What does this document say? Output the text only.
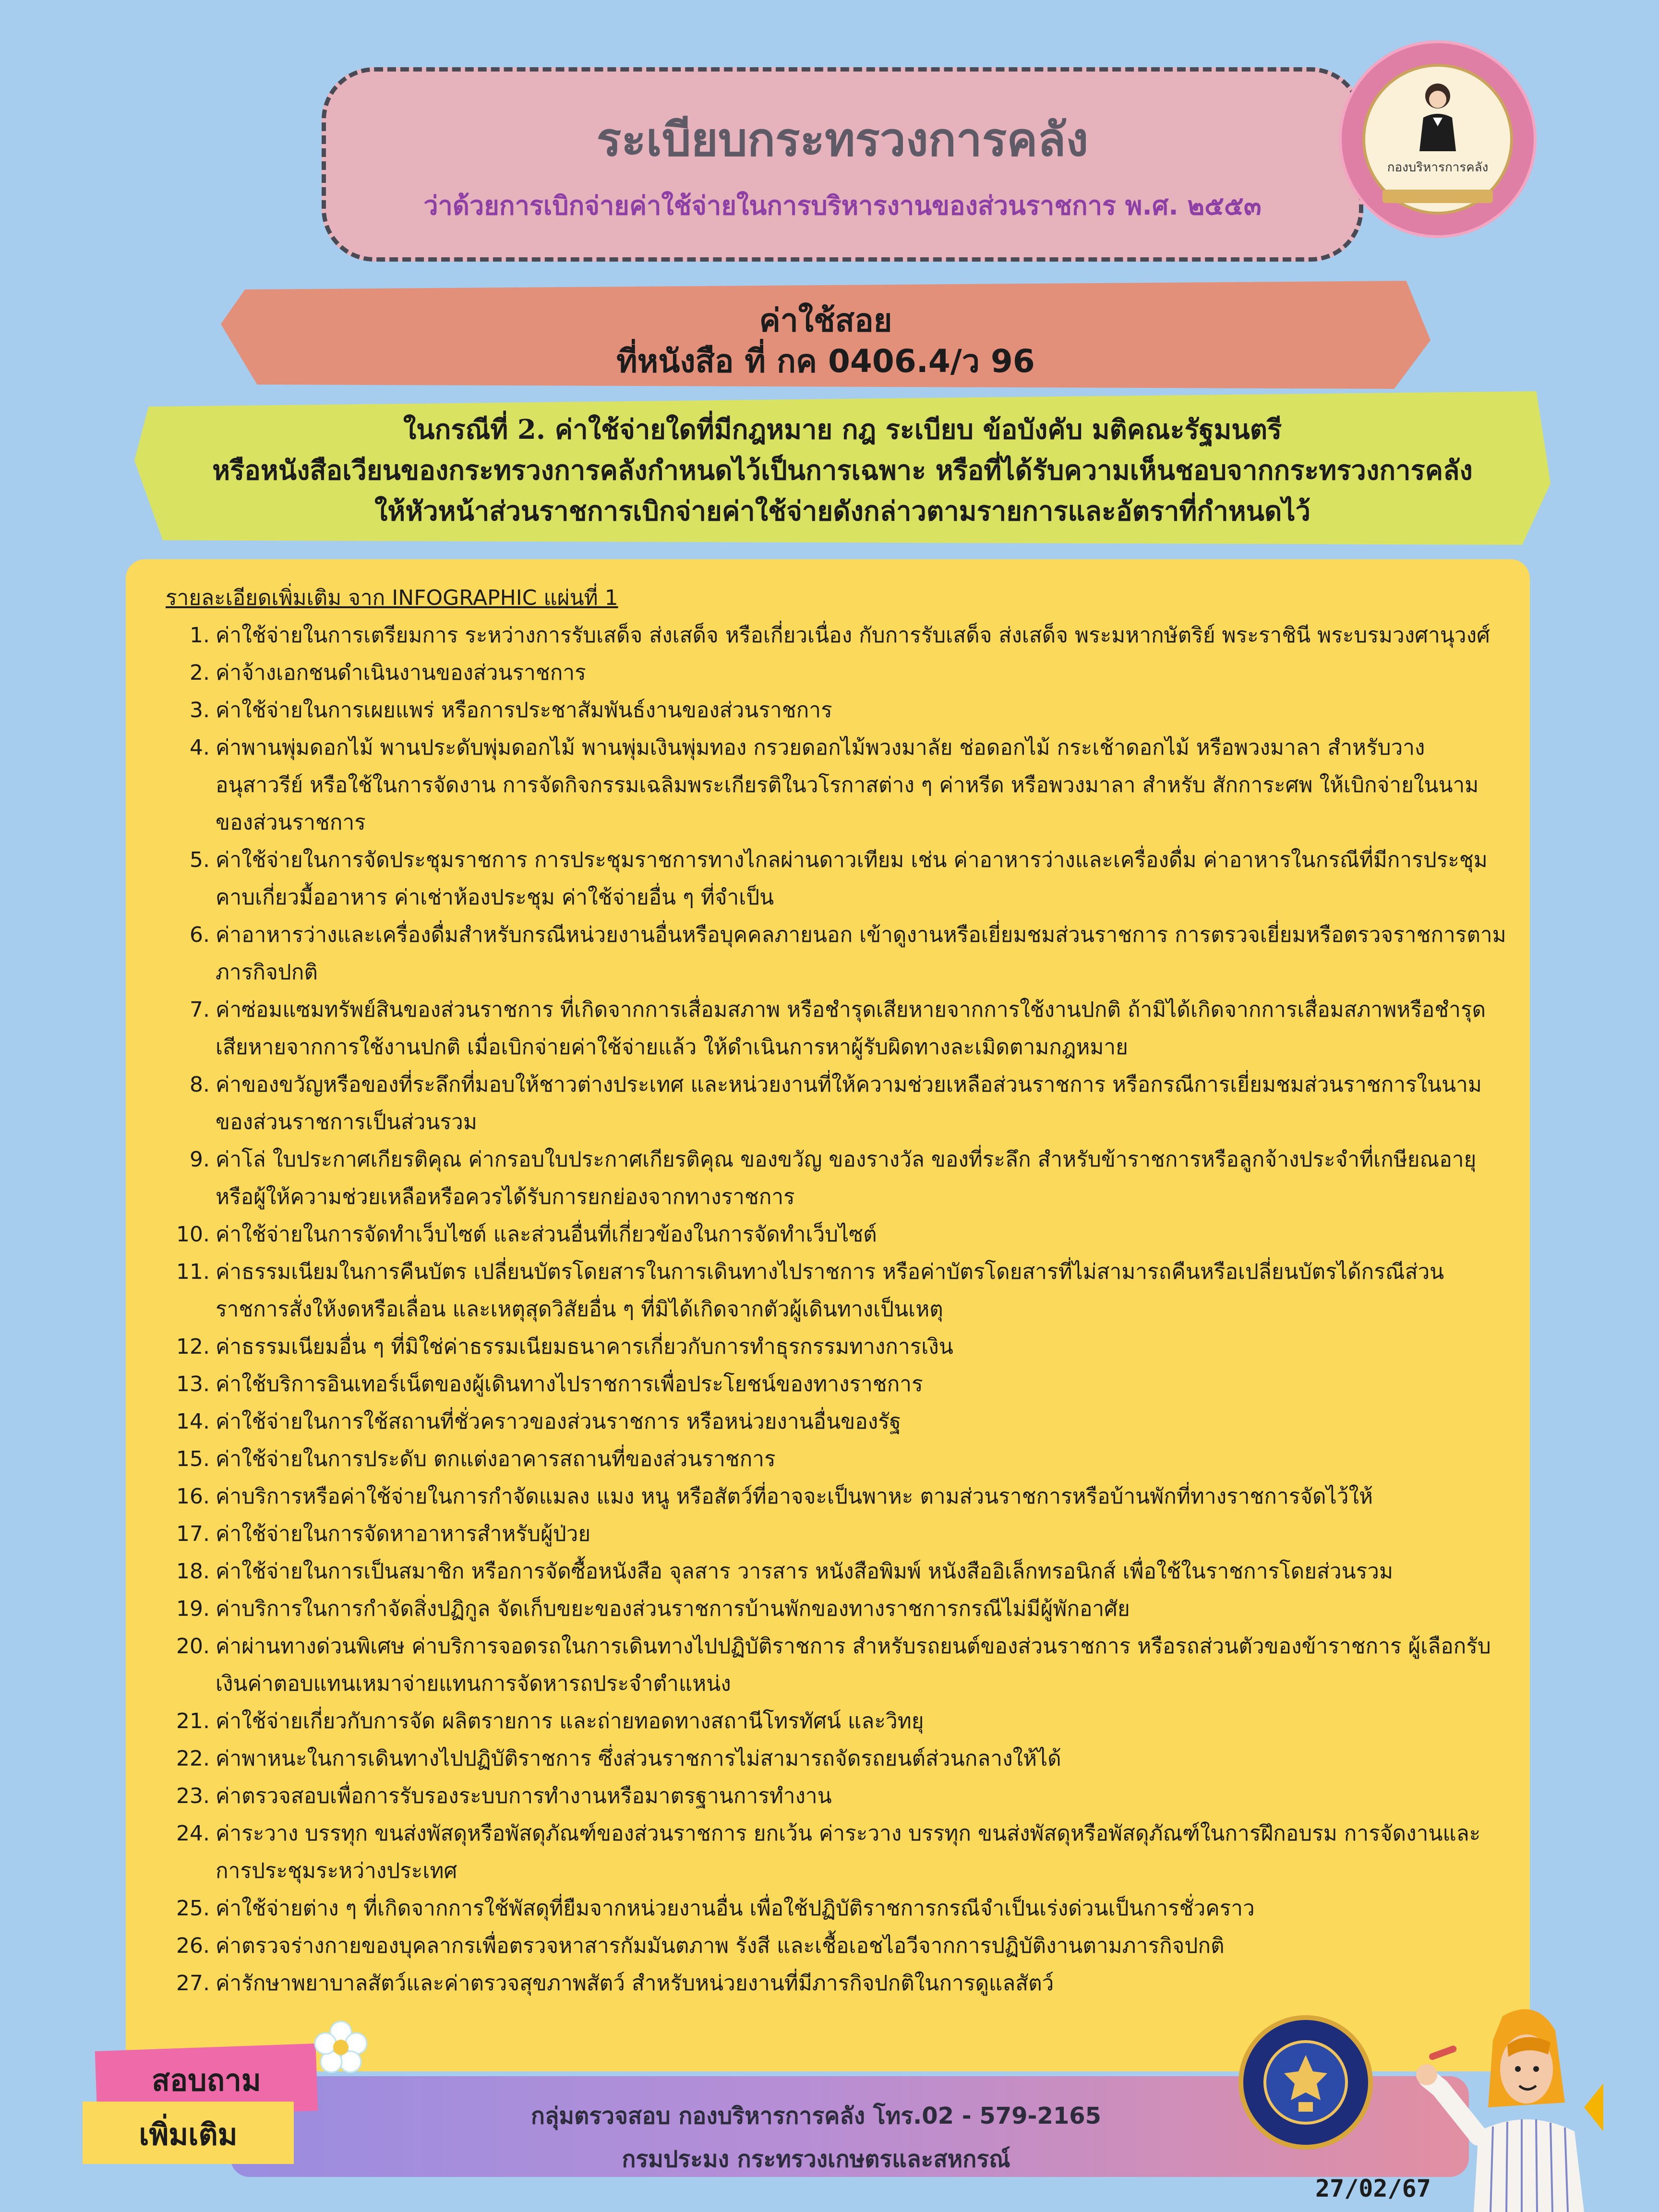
ระเบียบกระทรวงการคลัง
ว่าด้วยการเบิกจ่ายค่าใช้จ่ายในการบริหารงานของส่วนราชการ พ.ศ. ๒๕๕๓
กองบริหารการคลัง
ค่าใช้สอย
ที่หนังสือ ที่ กค 0406.4/ว 96
ในกรณีที่ 2. ค่าใช้จ่ายใดที่มีกฎหมาย กฎ ระเบียบ ข้อบังคับ มติคณะรัฐมนตรี
หรือหนังสือเวียนของกระทรวงการคลังกำหนดไว้เป็นการเฉพาะ หรือที่ได้รับความเห็นชอบจากกระทรวงการคลัง
ให้หัวหน้าส่วนราชการเบิกจ่ายค่าใช้จ่ายดังกล่าวตามรายการและอัตราที่กำหนดไว้
รายละเอียดเพิ่มเติม จาก INFOGRAPHIC แผ่นที่ 1
1. ค่าใช้จ่ายในการเตรียมการ ระหว่างการรับเสด็จ ส่งเสด็จ หรือเกี่ยวเนื่อง กับการรับเสด็จ ส่งเสด็จ พระมหากษัตริย์ พระราชินี พระบรมวงศานุวงศ์
2. ค่าจ้างเอกชนดำเนินงานของส่วนราชการ
3. ค่าใช้จ่ายในการเผยแพร่ หรือการประชาสัมพันธ์งานของส่วนราชการ
4. ค่าพานพุ่มดอกไม้ พานประดับพุ่มดอกไม้ พานพุ่มเงินพุ่มทอง กรวยดอกไม้พวงมาลัย ช่อดอกไม้ กระเช้าดอกไม้ หรือพวงมาลา สำหรับวางอนุสาวรีย์ หรือใช้ในการจัดงาน การจัดกิจกรรมเฉลิมพระเกียรติในวโรกาสต่าง ๆ ค่าหรีด หรือพวงมาลา สำหรับ สักการะศพ ให้เบิกจ่ายในนามของส่วนราชการ
5. ค่าใช้จ่ายในการจัดประชุมราชการ การประชุมราชการทางไกลผ่านดาวเทียม เช่น ค่าอาหารว่างและเครื่องดื่ม ค่าอาหารในกรณีที่มีการประชุมคาบเกี่ยวมื้ออาหาร ค่าเช่าห้องประชุม ค่าใช้จ่ายอื่น ๆ ที่จำเป็น
6. ค่าอาหารว่างและเครื่องดื่มสำหรับกรณีหน่วยงานอื่นหรือบุคคลภายนอก เข้าดูงานหรือเยี่ยมชมส่วนราชการ การตรวจเยี่ยมหรือตรวจราชการตามภารกิจปกติ
7. ค่าซ่อมแซมทรัพย์สินของส่วนราชการ ที่เกิดจากการเสื่อมสภาพ หรือชำรุดเสียหายจากการใช้งานปกติ ถ้ามิได้เกิดจากการเสื่อมสภาพหรือชำรุดเสียหายจากการใช้งานปกติ เมื่อเบิกจ่ายค่าใช้จ่ายแล้ว ให้ดำเนินการหาผู้รับผิดทางละเมิดตามกฎหมาย
8. ค่าของขวัญหรือของที่ระลึกที่มอบให้ชาวต่างประเทศ และหน่วยงานที่ให้ความช่วยเหลือส่วนราชการ หรือกรณีการเยี่ยมชมส่วนราชการในนามของส่วนราชการเป็นส่วนรวม
9. ค่าโล่ ใบประกาศเกียรติคุณ ค่ากรอบใบประกาศเกียรติคุณ ของขวัญ ของรางวัล ของที่ระลึก สำหรับข้าราชการหรือลูกจ้างประจำที่เกษียณอายุ หรือผู้ให้ความช่วยเหลือหรือควรได้รับการยกย่องจากทางราชการ
10. ค่าใช้จ่ายในการจัดทำเว็บไซต์ และส่วนอื่นที่เกี่ยวข้องในการจัดทำเว็บไซต์
11. ค่าธรรมเนียมในการคืนบัตร เปลี่ยนบัตรโดยสารในการเดินทางไปราชการ หรือค่าบัตรโดยสารที่ไม่สามารถคืนหรือเปลี่ยนบัตรได้กรณีส่วนราชการสั่งให้งดหรือเลื่อน และเหตุสุดวิสัยอื่น ๆ ที่มิได้เกิดจากตัวผู้เดินทางเป็นเหตุ
12. ค่าธรรมเนียมอื่น ๆ ที่มิใช่ค่าธรรมเนียมธนาคารเกี่ยวกับการทำธุรกรรมทางการเงิน
13. ค่าใช้บริการอินเทอร์เน็ตของผู้เดินทางไปราชการเพื่อประโยชน์ของทางราชการ
14. ค่าใช้จ่ายในการใช้สถานที่ชั่วคราวของส่วนราชการ หรือหน่วยงานอื่นของรัฐ
15. ค่าใช้จ่ายในการประดับ ตกแต่งอาคารสถานที่ของส่วนราชการ
16. ค่าบริการหรือค่าใช้จ่ายในการกำจัดแมลง แมง หนู หรือสัตว์ที่อาจจะเป็นพาหะ ตามส่วนราชการหรือบ้านพักที่ทางราชการจัดไว้ให้
17. ค่าใช้จ่ายในการจัดหาอาหารสำหรับผู้ป่วย
18. ค่าใช้จ่ายในการเป็นสมาชิก หรือการจัดซื้อหนังสือ จุลสาร วารสาร หนังสือพิมพ์ หนังสืออิเล็กทรอนิกส์ เพื่อใช้ในราชการโดยส่วนรวม
19. ค่าบริการในการกำจัดสิ่งปฏิกูล จัดเก็บขยะของส่วนราชการบ้านพักของทางราชการกรณีไม่มีผู้พักอาศัย
20. ค่าผ่านทางด่วนพิเศษ ค่าบริการจอดรถในการเดินทางไปปฏิบัติราชการ สำหรับรถยนต์ของส่วนราชการ หรือรถส่วนตัวของข้าราชการ ผู้เลือกรับเงินค่าตอบแทนเหมาจ่ายแทนการจัดหารถประจำตำแหน่ง
21. ค่าใช้จ่ายเกี่ยวกับการจัด ผลิตรายการ และถ่ายทอดทางสถานีโทรทัศน์ และวิทยุ
22. ค่าพาหนะในการเดินทางไปปฏิบัติราชการ ซึ่งส่วนราชการไม่สามารถจัดรถยนต์ส่วนกลางให้ได้
23. ค่าตรวจสอบเพื่อการรับรองระบบการทำงานหรือมาตรฐานการทำงาน
24. ค่าระวาง บรรทุก ขนส่งพัสดุหรือพัสดุภัณฑ์ของส่วนราชการ ยกเว้น ค่าระวาง บรรทุก ขนส่งพัสดุหรือพัสดุภัณฑ์ในการฝึกอบรม การจัดงานและการประชุมระหว่างประเทศ
25. ค่าใช้จ่ายต่าง ๆ ที่เกิดจากการใช้พัสดุที่ยืมจากหน่วยงานอื่น เพื่อใช้ปฏิบัติราชการกรณีจำเป็นเร่งด่วนเป็นการชั่วคราว
26. ค่าตรวจร่างกายของบุคลากรเพื่อตรวจหาสารกัมมันตภาพ รังสี และเชื้อเอชไอวีจากการปฏิบัติงานตามภารกิจปกติ
27. ค่ารักษาพยาบาลสัตว์และค่าตรวจสุขภาพสัตว์ สำหรับหน่วยงานที่มีภารกิจปกติในการดูแลสัตว์
กลุ่มตรวจสอบ กองบริหารการคลัง โทร.02 - 579-2165
กรมประมง กระทรวงเกษตรและสหกรณ์
สอบถาม
เพิ่มเติม
27/02/67
